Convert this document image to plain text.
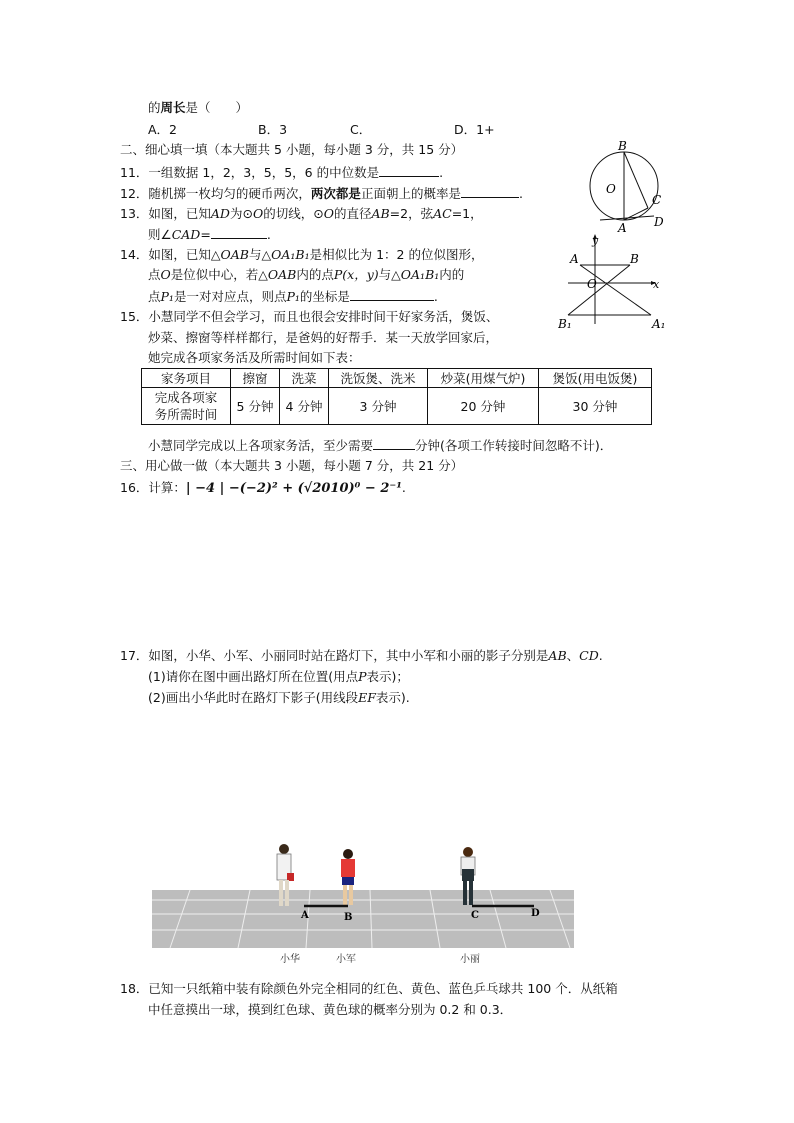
的周长是（　　）
A．2	B．3	C．	D．1+
二、细心填一填（本大题共 5 小题，每小题 3 分，共 15 分）
11．一组数据 1，2，3，5，5，6 的中位数是	.
12．随机掷一枚均匀的硬币两次，两次都是正面朝上的概率是	.
13．如图，已知AD为⊙O的切线，⊙O的直径AB=2，弦AC=1，
则∠CAD=	.
14．如图，已知△OAB与△OA₁B₁是相似比为 1：2 的位似图形，
点O是位似中心，若△OAB内的点P(x，y)与△OA₁B₁内的
点P₁是一对对应点，则点P₁的坐标是	.
15．小慧同学不但会学习，而且也很会安排时间干好家务活，煲饭、
炒菜、擦窗等样样都行，是爸妈的好帮手．某一天放学回家后，
她完成各项家务活及所需时间如下表：
家务项目	擦窗	洗菜	洗饭煲、洗米	炒菜(用煤气炉)	煲饭(用电饭煲)

完成各项家
务所需时间	5 分钟	4 分钟	3 分钟	20 分钟	30 分钟
小慧同学完成以上各项家务活，至少需要	分钟(各项工作转接时间忽略不计)．
三、用心做一做（本大题共 3 小题，每小题 7 分，共 21 分）
16．计算：| −4 | −(−2)² + (√2010)⁰ − 2⁻¹.
17．如图，小华、小军、小丽同时站在路灯下，其中小军和小丽的影子分别是AB、CD.
(1)请你在图中画出路灯所在位置(用点P表示)；
(2)画出小华此时在路灯下影子(用线段EF表示).
18．已知一只纸箱中装有除颜色外完全相同的红色、黄色、蓝色乒乓球共 100 个．从纸箱
中任意摸出一球，摸到红色球、黄色球的概率分别为 0.2 和 0.3．
B
O
C
A D
y
x
A	B
O
B₁	A₁
A	B	C	D
小华	小军	小丽
